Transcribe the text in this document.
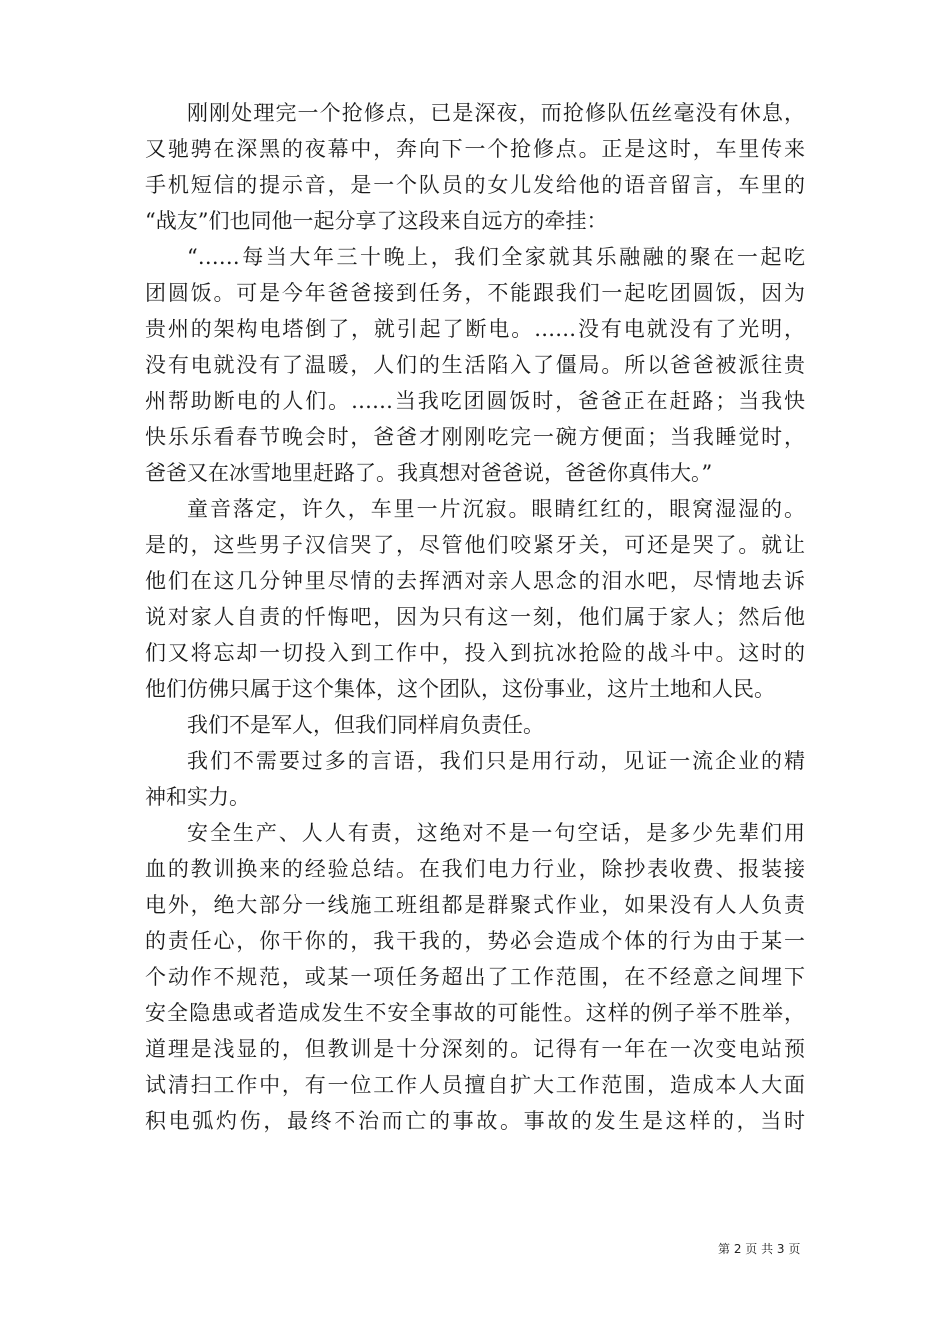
刚刚处理完一个抢修点，已是深夜，而抢修队伍丝毫没有休息，
又驰骋在深黑的夜幕中，奔向下一个抢修点。正是这时，车里传来
手机短信的提示音，是一个队员的女儿发给他的语音留言，车里的
“战友”们也同他一起分享了这段来自远方的牵挂：
“……每当大年三十晚上，我们全家就其乐融融的聚在一起吃
团圆饭。可是今年爸爸接到任务，不能跟我们一起吃团圆饭，因为
贵州的架构电塔倒了，就引起了断电。……没有电就没有了光明，
没有电就没有了温暖，人们的生活陷入了僵局。所以爸爸被派往贵
州帮助断电的人们。……当我吃团圆饭时，爸爸正在赶路；当我快
快乐乐看春节晚会时，爸爸才刚刚吃完一碗方便面；当我睡觉时，
爸爸又在冰雪地里赶路了。我真想对爸爸说，爸爸你真伟大。”
童音落定，许久，车里一片沉寂。眼睛红红的，眼窝湿湿的。
是的，这些男子汉信哭了，尽管他们咬紧牙关，可还是哭了。就让
他们在这几分钟里尽情的去挥洒对亲人思念的泪水吧，尽情地去诉
说对家人自责的忏悔吧，因为只有这一刻，他们属于家人；然后他
们又将忘却一切投入到工作中，投入到抗冰抢险的战斗中。这时的
他们仿佛只属于这个集体，这个团队，这份事业，这片土地和人民。
我们不是军人，但我们同样肩负责任。
我们不需要过多的言语，我们只是用行动，见证一流企业的精
神和实力。
安全生产、人人有责，这绝对不是一句空话，是多少先辈们用
血的教训换来的经验总结。在我们电力行业，除抄表收费、报装接
电外，绝大部分一线施工班组都是群聚式作业，如果没有人人负责
的责任心，你干你的，我干我的，势必会造成个体的行为由于某一
个动作不规范，或某一项任务超出了工作范围，在不经意之间埋下
安全隐患或者造成发生不安全事故的可能性。这样的例子举不胜举，
道理是浅显的，但教训是十分深刻的。记得有一年在一次变电站预
试清扫工作中，有一位工作人员擅自扩大工作范围，造成本人大面
积电弧灼伤，最终不治而亡的事故。事故的发生是这样的，当时
第 2 页 共 3 页
